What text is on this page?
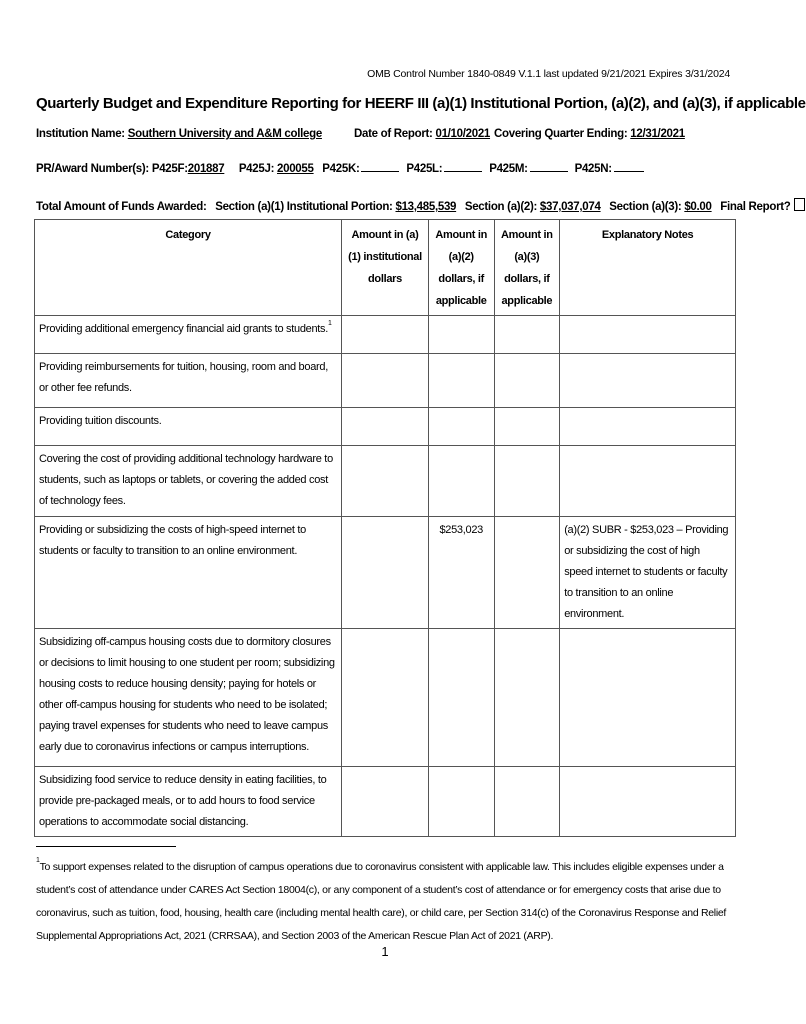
OMB Control Number 1840-0849 V.1.1 last updated 9/21/2021 Expires 3/31/2024
Quarterly Budget and Expenditure Reporting for HEERF III (a)(1) Institutional Portion, (a)(2), and (a)(3), if applicable
Institution Name: Southern University and A&M college	Date of Report: 01/10/2021 Covering Quarter Ending: 12/31/2021
PR/Award Number(s): P425F:201887 P425J: 200055 P425K:	P425L:	P425M:	P425N:
Total Amount of Funds Awarded: Section (a)(1) Institutional Portion: $13,485,539 Section (a)(2): $37,037,074 Section (a)(3): $0.00 Final Report?
Category	Amount in (a)(1) institutional dollars	Amount in (a)(2) dollars, if applicable	Amount in (a)(3) dollars, if applicable	Explanatory Notes
Providing additional emergency financial aid grants to students.$^1$				
Providing reimbursements for tuition, housing, room and board, or other fee refunds.				
Providing tuition discounts.				
Covering the cost of providing additional technology hardware to students, such as laptops or tablets, or covering the added cost of technology fees.				
Providing or subsidizing the costs of high-speed internet to students or faculty to transition to an online environment.		$253,023		(a)(2) SUBR - $253,023 – Providing or subsidizing the cost of high speed internet to students or faculty to transition to an online environment.
Subsidizing off-campus housing costs due to dormitory closures or decisions to limit housing to one student per room; subsidizing housing costs to reduce housing density; paying for hotels or other off-campus housing for students who need to be isolated; paying travel expenses for students who need to leave campus early due to coronavirus infections or campus interruptions.				
Subsidizing food service to reduce density in eating facilities, to provide pre-packaged meals, or to add hours to food service operations to accommodate social distancing.				
$^1$To support expenses related to the disruption of campus operations due to coronavirus consistent with applicable law. This includes eligible expenses under a student’s cost of attendance under CARES Act Section 18004(c), or any component of a student’s cost of attendance or for emergency costs that arise due to coronavirus, such as tuition, food, housing, health care (including mental health care), or child care, per Section 314(c) of the Coronavirus Response and Relief Supplemental Appropriations Act, 2021 (CRRSAA), and Section 2003 of the American Rescue Plan Act of 2021 (ARP).
1
